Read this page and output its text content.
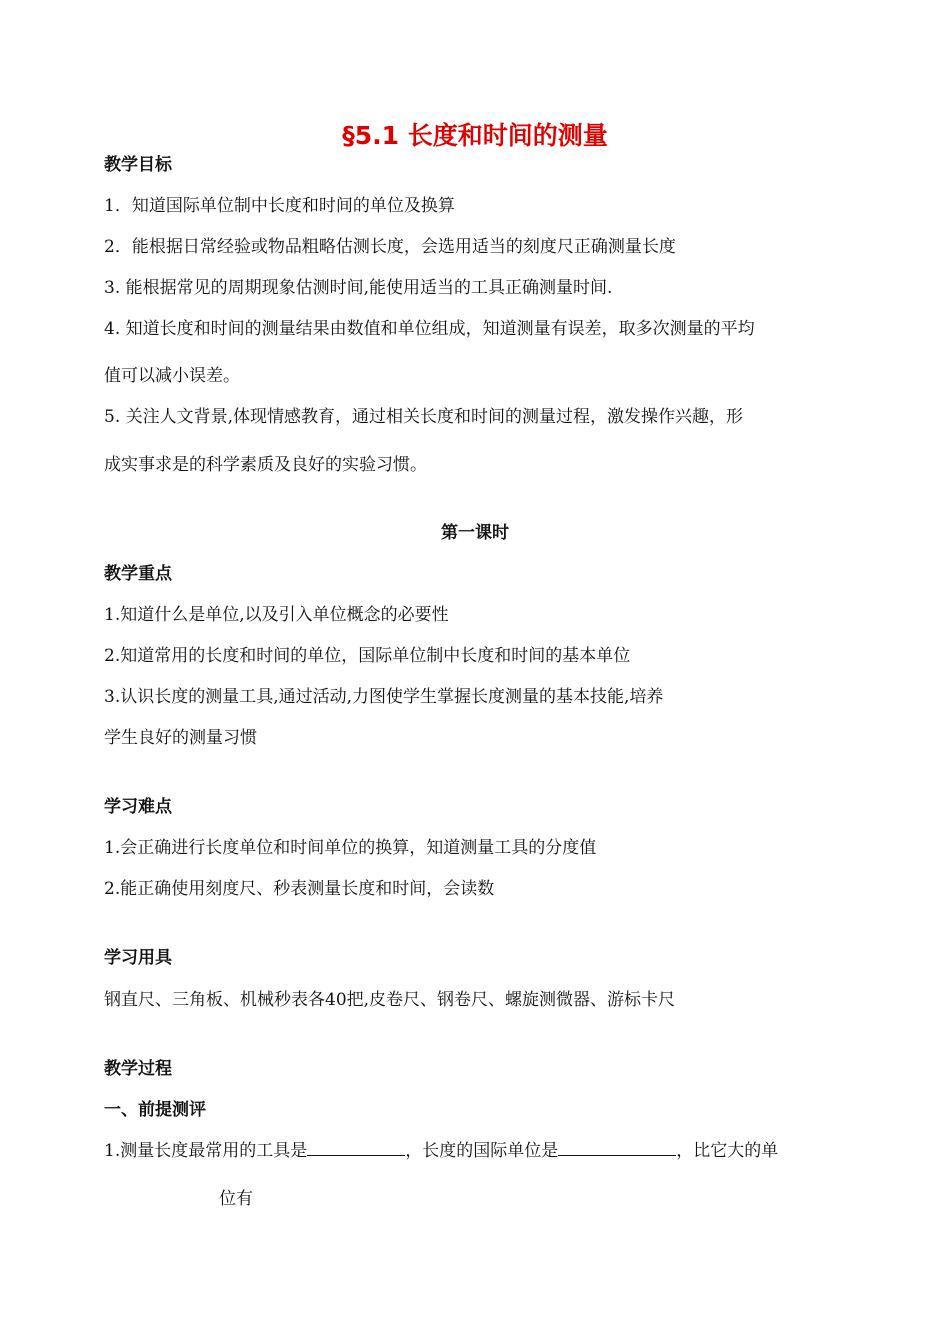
§5.1 长度和时间的测量
教学目标
1．知道国际单位制中长度和时间的单位及换算
2．能根据日常经验或物品粗略估测长度，会选用适当的刻度尺正确测量长度
3. 能根据常见的周期现象估测时间,能使用适当的工具正确测量时间.
4. 知道长度和时间的测量结果由数值和单位组成，知道测量有误差，取多次测量的平均
值可以减小误差。
5. 关注人文背景,体现情感教育，通过相关长度和时间的测量过程，激发操作兴趣，形
成实事求是的科学素质及良好的实验习惯。
第一课时
教学重点
1.知道什么是单位,以及引入单位概念的必要性
2.知道常用的长度和时间的单位，国际单位制中长度和时间的基本单位
3.认识长度的测量工具,通过活动,力图使学生掌握长度测量的基本技能,培养
学生良好的测量习惯
学习难点
1.会正确进行长度单位和时间单位的换算，知道测量工具的分度值
2.能正确使用刻度尺、秒表测量长度和时间，会读数
学习用具
钢直尺、三角板、机械秒表各40把,皮卷尺、钢卷尺、螺旋测微器、游标卡尺
教学过程
一、前提测评
1.测量长度最常用的工具是	，长度的国际单位是	，比它大的单
位有
